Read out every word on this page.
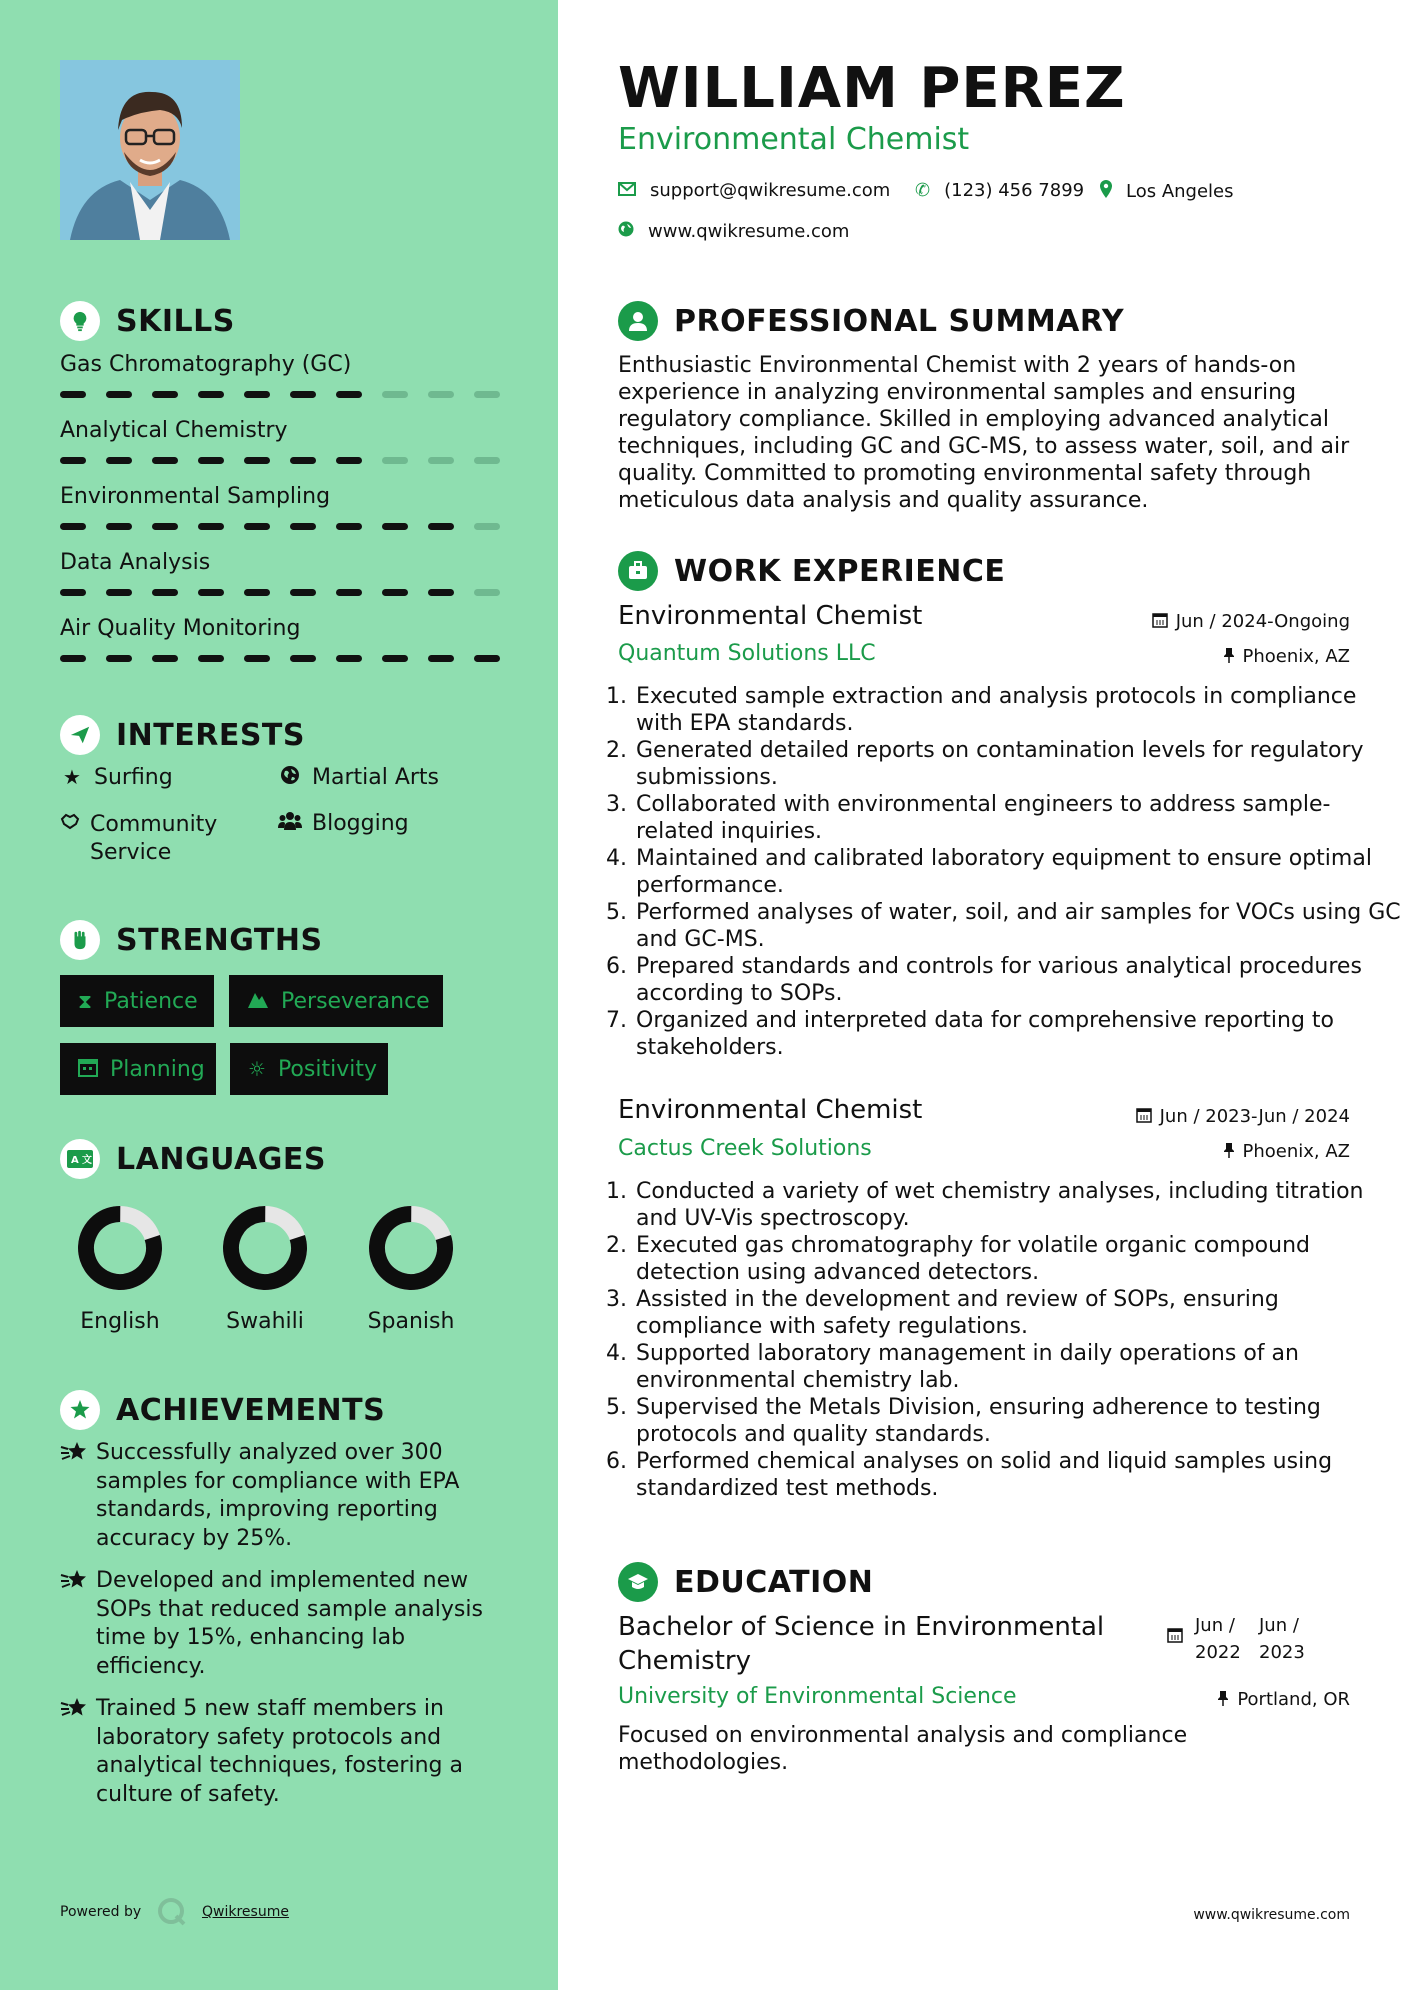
SKILLS
Gas Chromatography (GC)
Analytical Chemistry
Environmental Sampling
Data Analysis
Air Quality Monitoring
INTERESTS
★ Surfing	Martial Arts
Community Service
Blogging
STRENGTHS
⧗ Patience	Perseverance
Planning ☼ Positivity
A 文 LANGUAGES
English	Swahili	Spanish
ACHIEVEMENTS
Successfully analyzed over 300 samples for compliance with EPA standards, improving reporting accuracy by 25%.
Developed and implemented new SOPs that reduced sample analysis time by 15%, enhancing lab efficiency.
Trained 5 new staff members in laboratory safety protocols and analytical techniques, fostering a culture of safety.
Powered by	Qwikresume
WILLIAM PEREZ
Environmental Chemist
support@qwikresume.com ✆ (123) 456 7899 Los Angeles
www.qwikresume.com
PROFESSIONAL SUMMARY
Enthusiastic Environmental Chemist with 2 years of hands-on experience in analyzing environmental samples and ensuring regulatory compliance. Skilled in employing advanced analytical techniques, including GC and GC-MS, to assess water, soil, and air quality. Committed to promoting environmental safety through meticulous data analysis and quality assurance.
WORK EXPERIENCE
Environmental Chemist	Jun / 2024-Ongoing
Quantum Solutions LLC	Phoenix, AZ
1. Executed sample extraction and analysis protocols in compliance with EPA standards.
2. Generated detailed reports on contamination levels for regulatory submissions.
3. Collaborated with environmental engineers to address sample-related inquiries.
4. Maintained and calibrated laboratory equipment to ensure optimal performance.
5. Performed analyses of water, soil, and air samples for VOCs using GC and GC-MS.
6. Prepared standards and controls for various analytical procedures according to SOPs.
7. Organized and interpreted data for comprehensive reporting to stakeholders.
Environmental Chemist	Jun / 2023-Jun / 2024
Cactus Creek Solutions	Phoenix, AZ
1. Conducted a variety of wet chemistry analyses, including titration and UV-Vis spectroscopy.
2. Executed gas chromatography for volatile organic compound detection using advanced detectors.
3. Assisted in the development and review of SOPs, ensuring compliance with safety regulations.
4. Supported laboratory management in daily operations of an environmental chemistry lab.
5. Supervised the Metals Division, ensuring adherence to testing protocols and quality standards.
6. Performed chemical analyses on solid and liquid samples using standardized test methods.
EDUCATION
Bachelor of Science in Environmental Chemistry
Jun /
2022
Jun /
2023
University of Environmental Science	Portland, OR
Focused on environmental analysis and compliance methodologies.
www.qwikresume.com
